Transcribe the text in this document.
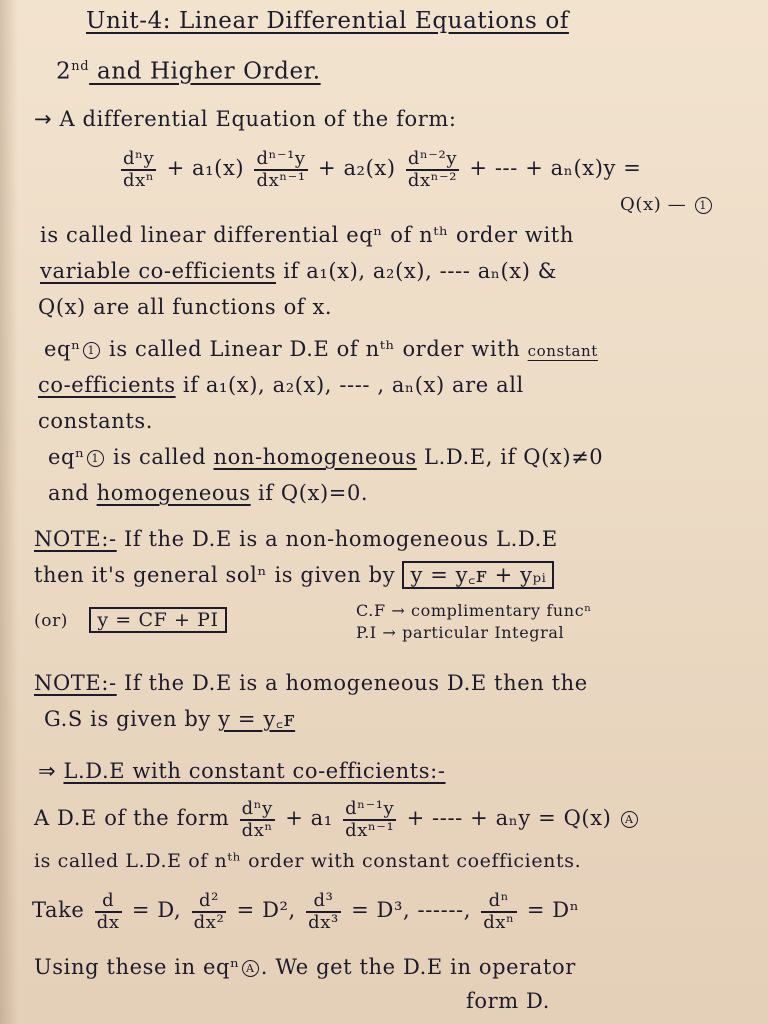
Unit-4: Linear Differential Equations of
2nd and Higher Order.
→ A differential Equation of the form:
$\frac{\text{dⁿy}}{\text{dxⁿ}} + a_1(x) \frac{\text{dⁿ⁻¹y}}{\text{dxⁿ⁻¹}} + a_2(x) \frac{\text{dⁿ⁻²y}}{\text{dxⁿ⁻²}}$ + --- + aₙ(x)y =
Q(x) — 1
is called linear differential eqⁿ of nᵗʰ order with
variable co-efficients if a₁(x), a₂(x), ---- aₙ(x) &
Q(x) are all functions of x.
eqⁿ 1 is called Linear D.E of nᵗʰ order with constant
co-efficients if a₁(x), a₂(x), ---- , aₙ(x) are all
constants.
eqⁿ 1 is called non-homogeneous L.D.E, if Q(x)≠0
and homogeneous if Q(x)=0.
NOTE:- If the D.E is a non-homogeneous L.D.E
then it's general solⁿ is given by y = y꜀ꜰ + yₚᵢ
(or) y = CF + PI	C.F → complimentary funcⁿ
P.I → particular Integral
NOTE:- If the D.E is a homogeneous D.E then the
G.S is given by y = y꜀ꜰ
⇒ L.D.E with constant co-efficients:-
A D.E of the form $\frac{\text{dⁿy}}{\text{dxⁿ}} + a_1 \frac{\text{dⁿ⁻¹y}}{\text{dxⁿ⁻¹}}$ + ---- + aₙy = Q(x) A
is called L.D.E of nᵗʰ order with constant coefficients.
Take $\frac{d}{dx} = D$, $\frac{\text{d²}}{\text{dx²}} = D^2$, $\frac{\text{d³}}{\text{dx³}} = D^3$, ------, $\frac{\text{dⁿ}}{\text{dxⁿ}} = D^n$
Using these in eqⁿ A . We get the D.E in operator
form D.
